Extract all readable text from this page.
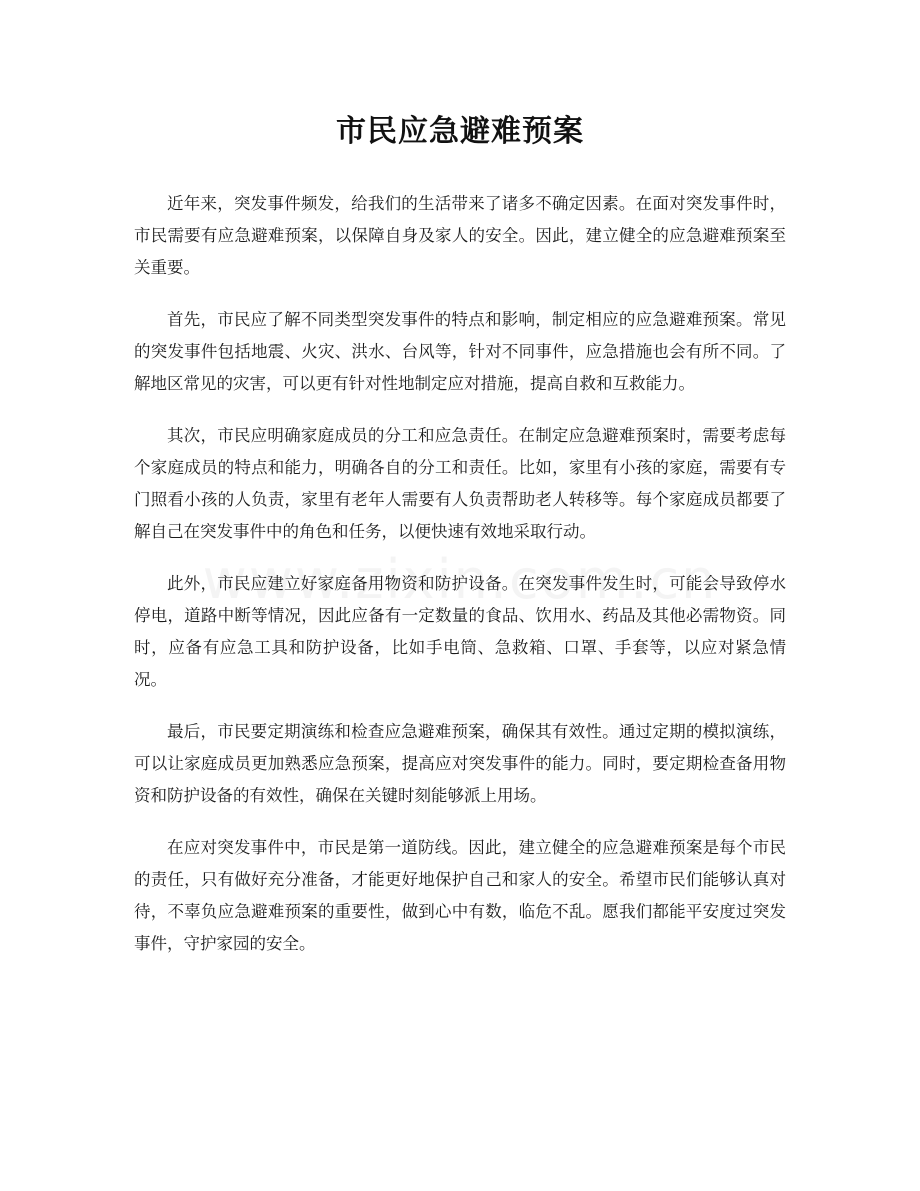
市民应急避难预案

近年来，突发事件频发，给我们的生活带来了诸多不确定因素。在面对突发事件时，市民需要有应急避难预案，以保障自身及家人的安全。因此，建立健全的应急避难预案至关重要。

首先，市民应了解不同类型突发事件的特点和影响，制定相应的应急避难预案。常见的突发事件包括地震、火灾、洪水、台风等，针对不同事件，应急措施也会有所不同。了解地区常见的灾害，可以更有针对性地制定应对措施，提高自救和互救能力。

其次，市民应明确家庭成员的分工和应急责任。在制定应急避难预案时，需要考虑每个家庭成员的特点和能力，明确各自的分工和责任。比如，家里有小孩的家庭，需要有专门照看小孩的人负责，家里有老年人需要有人负责帮助老人转移等。每个家庭成员都要了解自己在突发事件中的角色和任务，以便快速有效地采取行动。

此外，市民应建立好家庭备用物资和防护设备。在突发事件发生时，可能会导致停水停电，道路中断等情况，因此应备有一定数量的食品、饮用水、药品及其他必需物资。同时，应备有应急工具和防护设备，比如手电筒、急救箱、口罩、手套等，以应对紧急情况。

最后，市民要定期演练和检查应急避难预案，确保其有效性。通过定期的模拟演练，可以让家庭成员更加熟悉应急预案，提高应对突发事件的能力。同时，要定期检查备用物资和防护设备的有效性，确保在关键时刻能够派上用场。

在应对突发事件中，市民是第一道防线。因此，建立健全的应急避难预案是每个市民的责任，只有做好充分准备，才能更好地保护自己和家人的安全。希望市民们能够认真对待，不辜负应急避难预案的重要性，做到心中有数，临危不乱。愿我们都能平安度过突发事件，守护家园的安全。
